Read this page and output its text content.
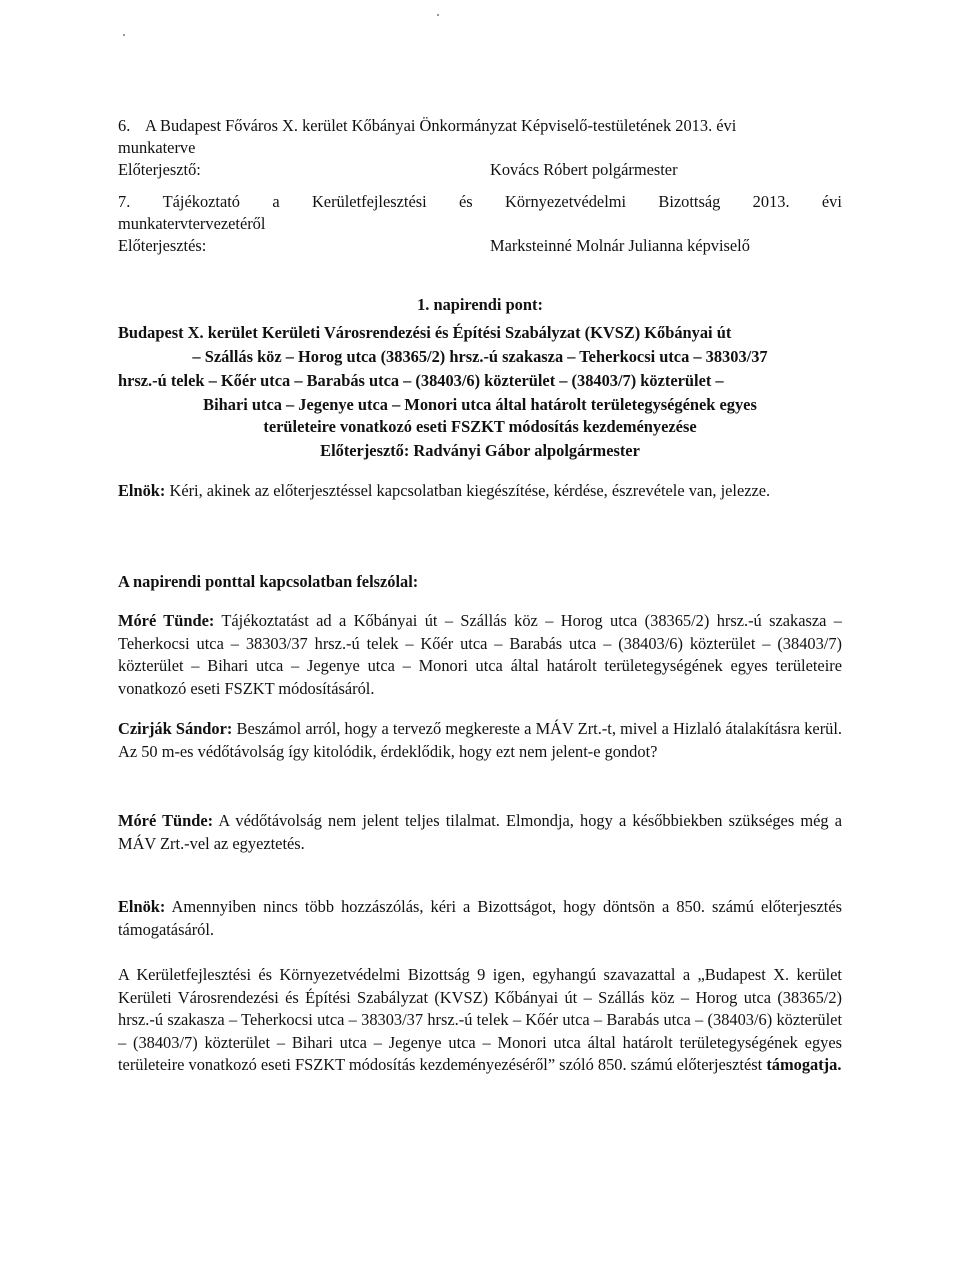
6. A Budapest Főváros X. kerület Kőbányai Önkormányzat Képviselő-testületének 2013. évi
munkaterve
Előterjesztő:	Kovács Róbert polgármester
7. Tájékoztató a Kerületfejlesztési és Környezetvédelmi Bizottság 2013. évi
munkatervtervezetéről
Előterjesztés:	Marksteinné Molnár Julianna képviselő
1. napirendi pont:
Budapest X. kerület Kerületi Városrendezési és Építési Szabályzat (KVSZ) Kőbányai út
– Szállás köz – Horog utca (38365/2) hrsz.-ú szakasza – Teherkocsi utca – 38303/37
hrsz.-ú telek – Kőér utca – Barabás utca – (38403/6) közterület – (38403/7) közterület –
Bihari utca – Jegenye utca – Monori utca által határolt területegységének egyes
területeire vonatkozó eseti FSZKT módosítás kezdeményezése
Előterjesztő: Radványi Gábor alpolgármester
Elnök: Kéri, akinek az előterjesztéssel kapcsolatban kiegészítése, kérdése, észrevétele van, jelezze.
A napirendi ponttal kapcsolatban felszólal:
Móré Tünde: Tájékoztatást ad a Kőbányai út – Szállás köz – Horog utca (38365/2) hrsz.-ú szakasza – Teherkocsi utca – 38303/37 hrsz.-ú telek – Kőér utca – Barabás utca – (38403/6) közterület – (38403/7) közterület – Bihari utca – Jegenye utca – Monori utca által határolt területegységének egyes területeire vonatkozó eseti FSZKT módosításáról.
Czirják Sándor: Beszámol arról, hogy a tervező megkereste a MÁV Zrt.-t, mivel a Hizlaló átalakításra kerül. Az 50 m-es védőtávolság így kitolódik, érdeklődik, hogy ezt nem jelent-e gondot?
Móré Tünde: A védőtávolság nem jelent teljes tilalmat. Elmondja, hogy a későbbiekben szükséges még a MÁV Zrt.-vel az egyeztetés.
Elnök: Amennyiben nincs több hozzászólás, kéri a Bizottságot, hogy döntsön a 850. számú előterjesztés támogatásáról.
A Kerületfejlesztési és Környezetvédelmi Bizottság 9 igen, egyhangú szavazattal a „Budapest X. kerület Kerületi Városrendezési és Építési Szabályzat (KVSZ) Kőbányai út – Szállás köz – Horog utca (38365/2) hrsz.-ú szakasza – Teherkocsi utca – 38303/37 hrsz.-ú telek – Kőér utca – Barabás utca – (38403/6) közterület – (38403/7) közterület – Bihari utca – Jegenye utca – Monori utca által határolt területegységének egyes területeire vonatkozó eseti FSZKT módosítás kezdeményezéséről” szóló 850. számú előterjesztést támogatja.
